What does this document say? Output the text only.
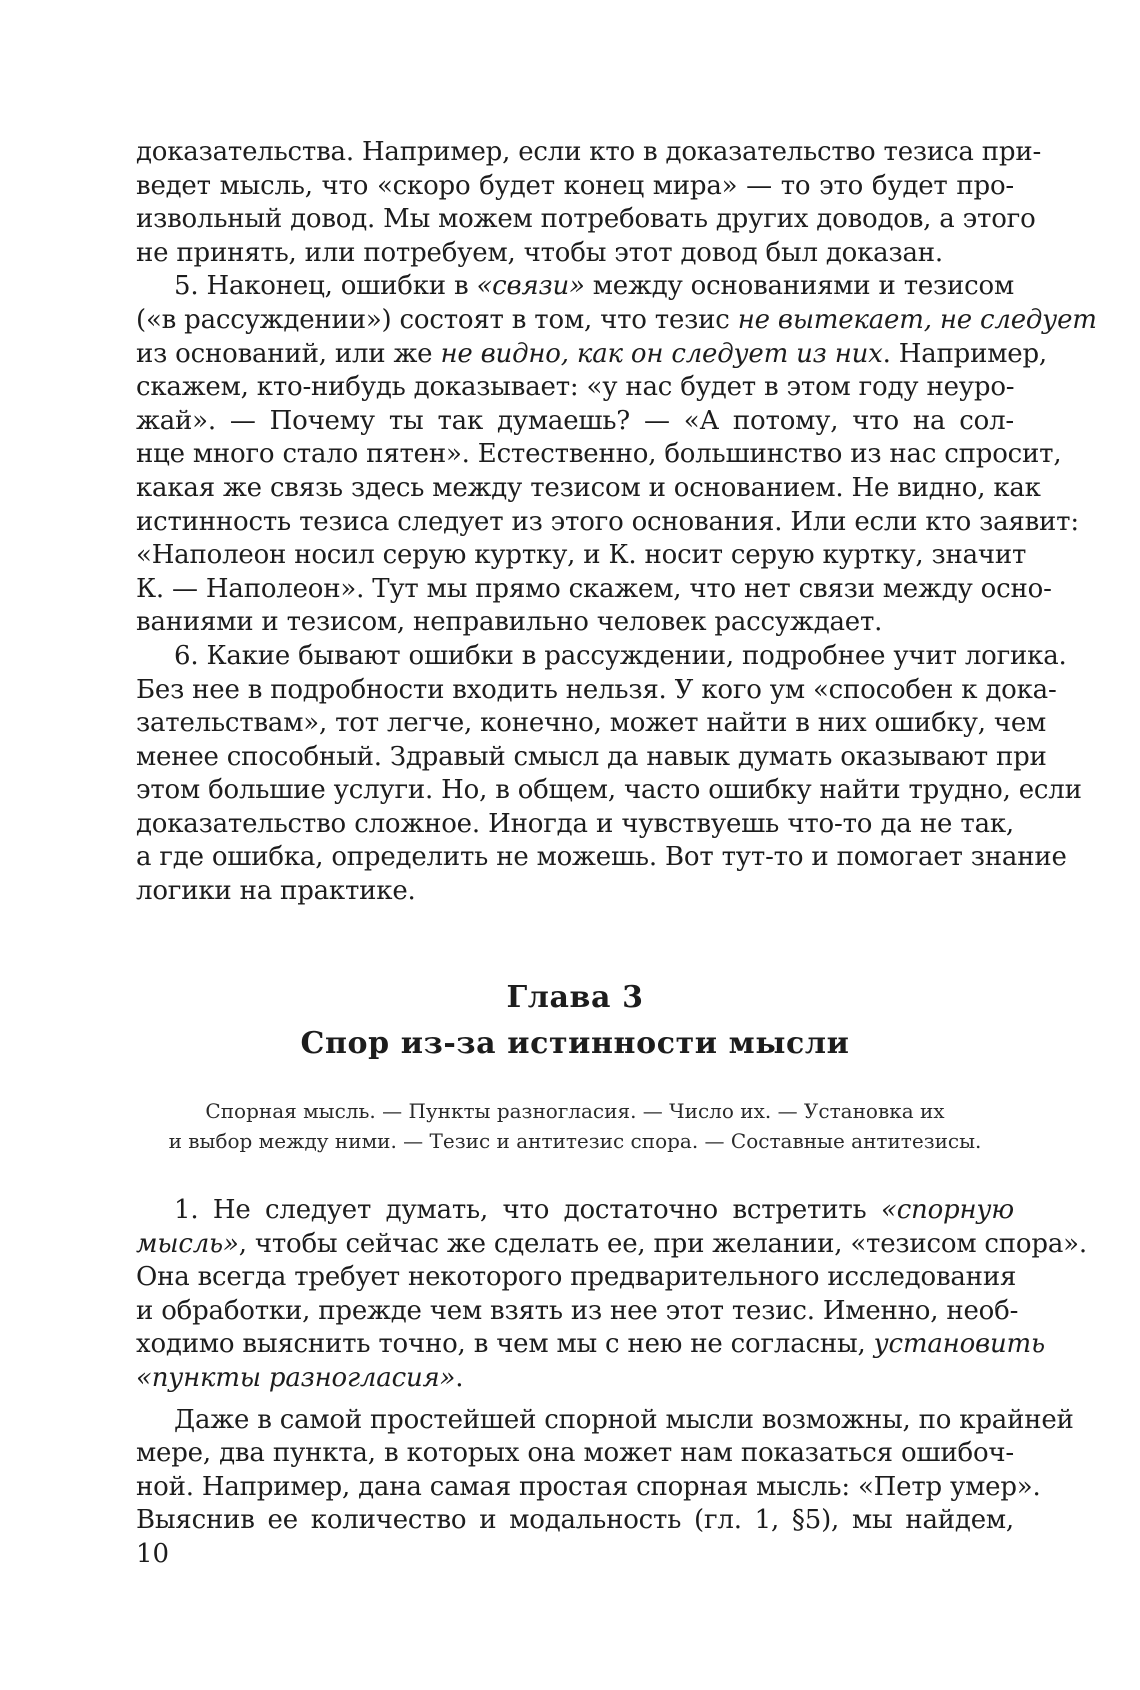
доказательства. Например, если кто в доказательство тезиса при-
ведет мысль, что «скоро будет конец мира» — то это будет про-
извольный довод. Мы можем потребовать других доводов, а этого
не принять, или потребуем, чтобы этот довод был доказан.
5. Наконец, ошибки в «связи» между основаниями и тезисом
(«в рассуждении») состоят в том, что тезис не вытекает, не следует
из оснований, или же не видно, как он следует из них. Например,
скажем, кто-нибудь доказывает: «у нас будет в этом году неуро-
жай». — Почему ты так думаешь? — «А потому, что на сол-
нце много стало пятен». Естественно, большинство из нас спросит,
какая же связь здесь между тезисом и основанием. Не видно, как
истинность тезиса следует из этого основания. Или если кто заявит:
«Наполеон носил серую куртку, и К. носит серую куртку, значит
К. — Наполеон». Тут мы прямо скажем, что нет связи между осно-
ваниями и тезисом, неправильно человек рассуждает.
6. Какие бывают ошибки в рассуждении, подробнее учит логика.
Без нее в подробности входить нельзя. У кого ум «способен к дока-
зательствам», тот легче, конечно, может найти в них ошибку, чем
менее способный. Здравый смысл да навык думать оказывают при
этом большие услуги. Но, в общем, часто ошибку найти трудно, если
доказательство сложное. Иногда и чувствуешь что-то да не так,
а где ошибка, определить не можешь. Вот тут-то и помогает знание
логики на практике.
Глава 3
Спор из-за истинности мысли
Спорная мысль. — Пункты разногласия. — Число их. — Установка их
и выбор между ними. — Тезис и антитезис спора. — Составные антитезисы.
1. Не следует думать, что достаточно встретить «спорную
мысль», чтобы сейчас же сделать ее, при желании, «тезисом спора».
Она всегда требует некоторого предварительного исследования
и обработки, прежде чем взять из нее этот тезис. Именно, необ-
ходимо выяснить точно, в чем мы с нею не согласны, установить
«пункты разногласия».
Даже в самой простейшей спорной мысли возможны, по крайней
мере, два пункта, в которых она может нам показаться ошибоч-
ной. Например, дана самая простая спорная мысль: «Петр умер».
Выяснив ее количество и модальность (гл. 1, §5), мы найдем,
10
